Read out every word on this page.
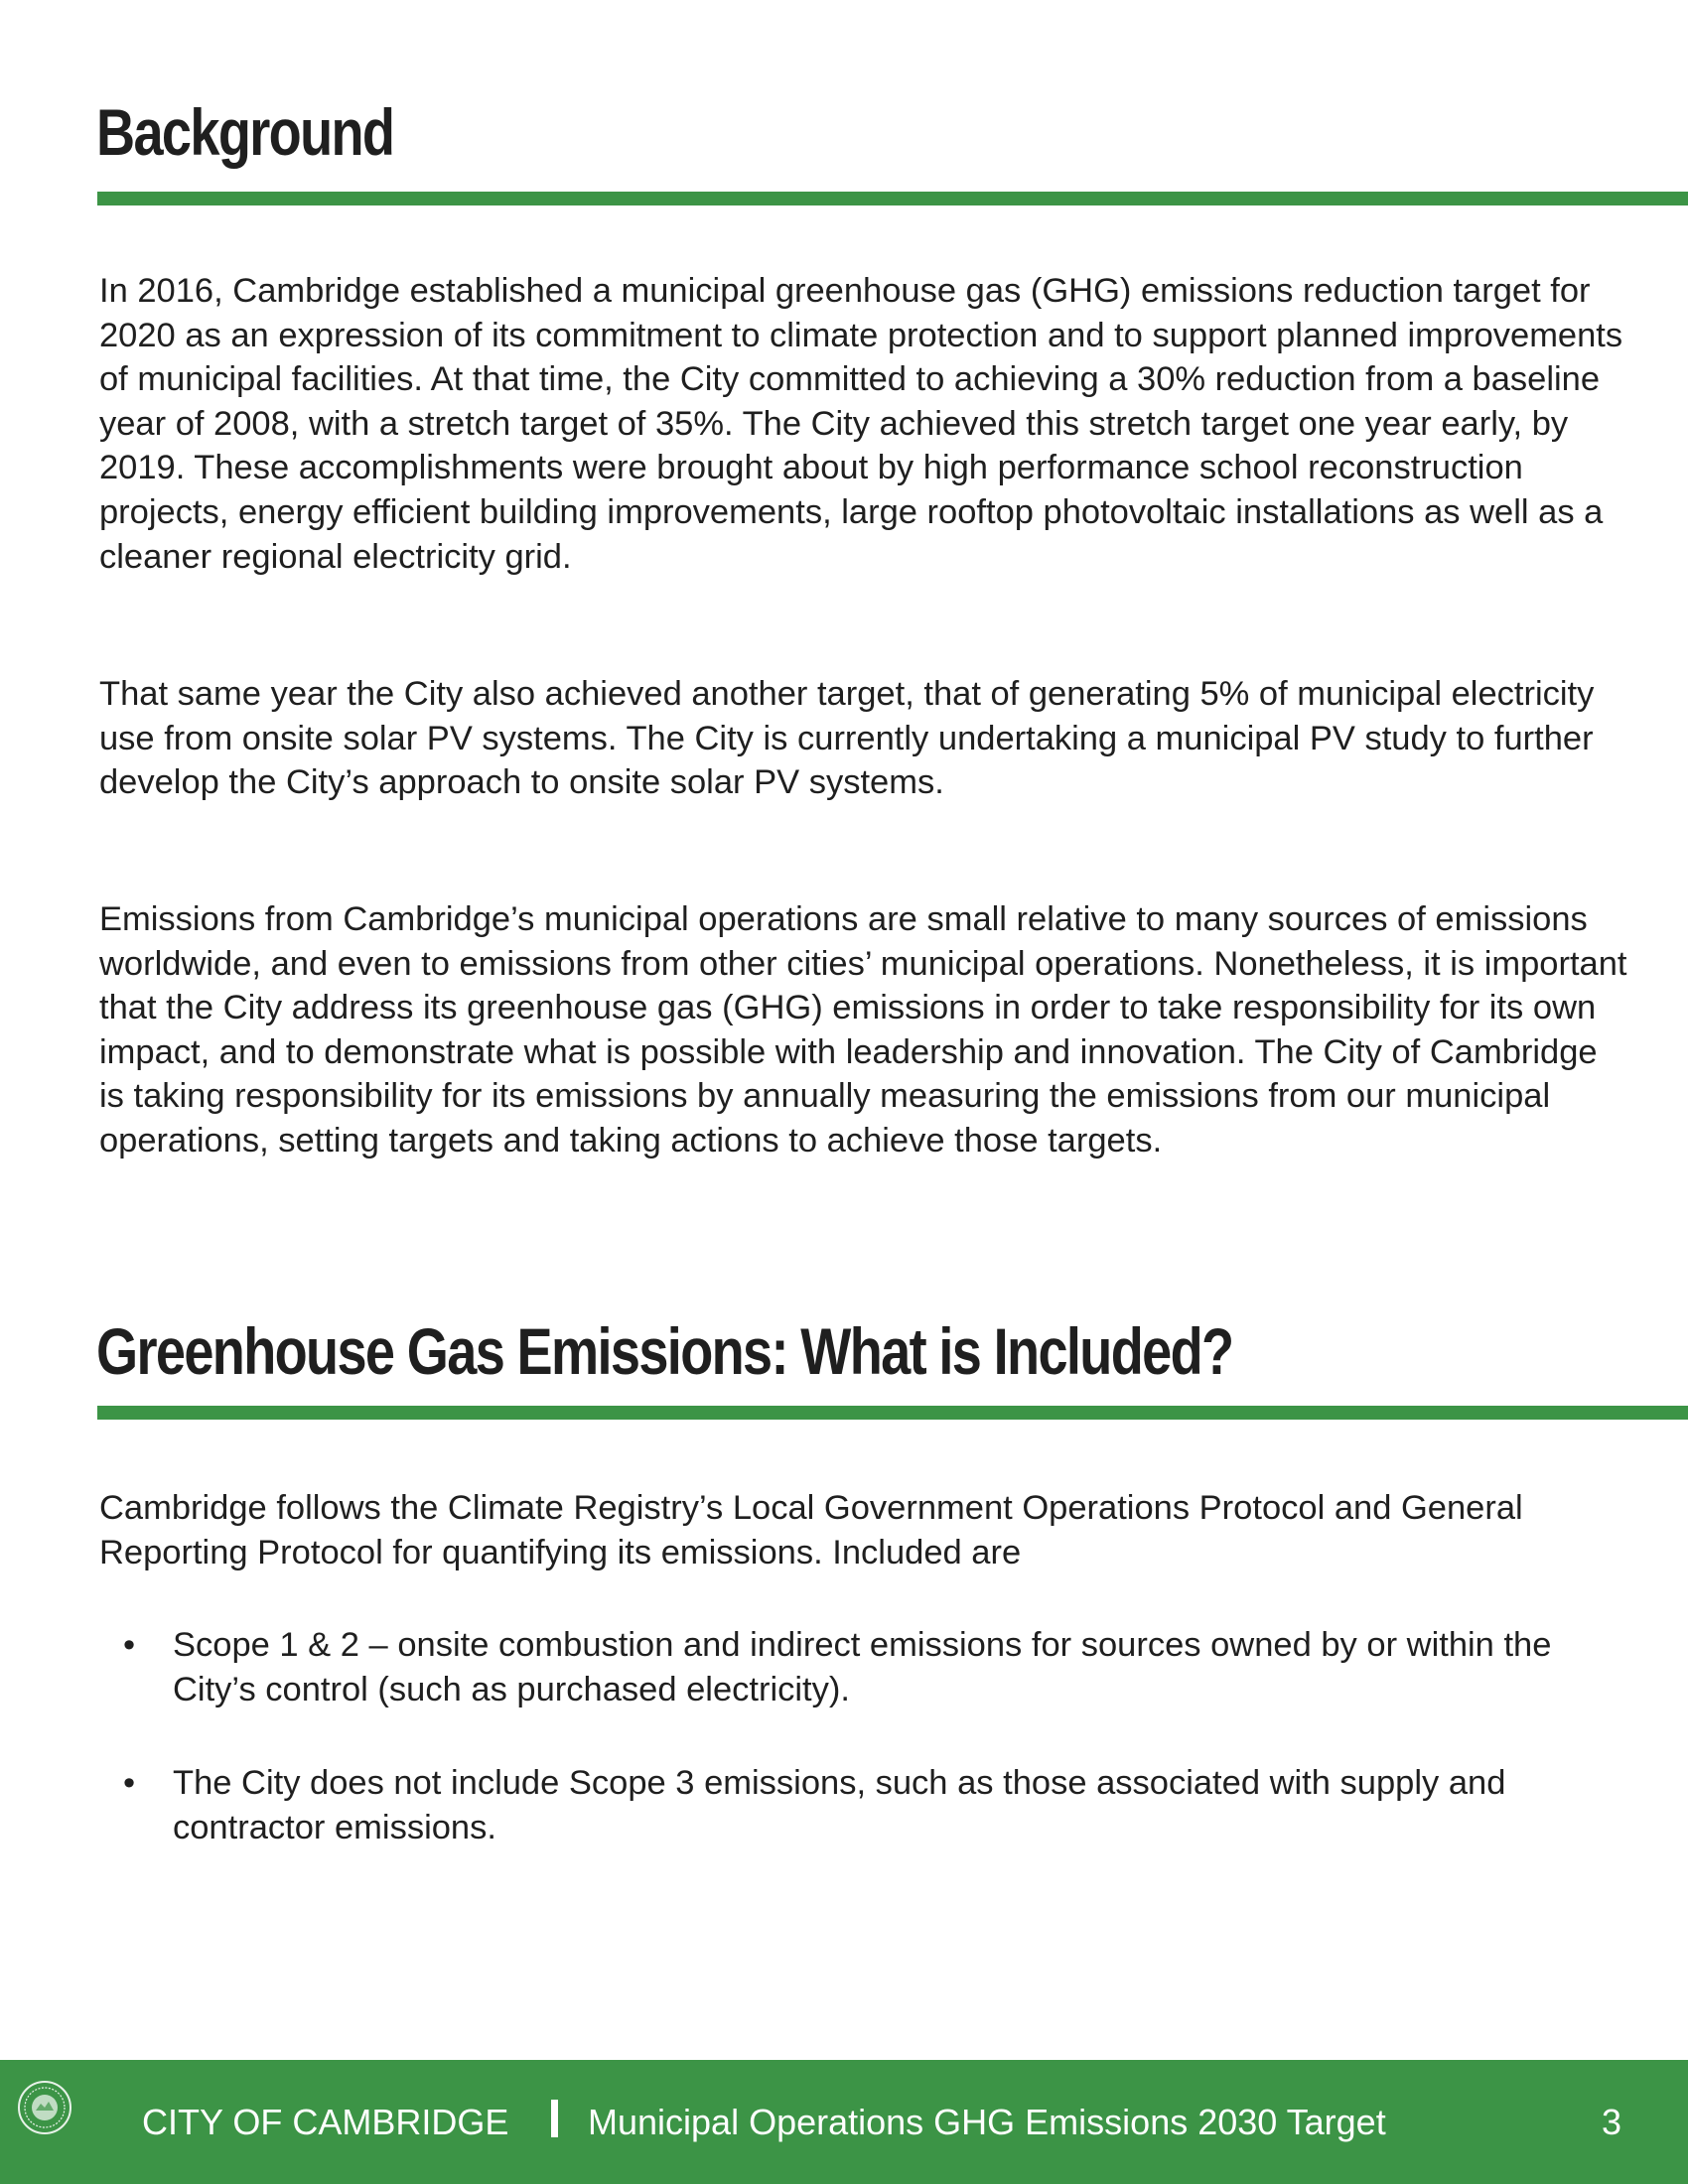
Background

In 2016, Cambridge established a municipal greenhouse gas (GHG) emissions reduction target for 2020 as an expression of its commitment to climate protection and to support planned improvements of municipal facilities. At that time, the City committed to achieving a 30% reduction from a baseline year of 2008, with a stretch target of 35%. The City achieved this stretch target one year early, by 2019. These accomplishments were brought about by high performance school reconstruction projects, energy efficient building improvements, large rooftop photovoltaic installations as well as a cleaner regional electricity grid.

That same year the City also achieved another target, that of generating 5% of municipal electricity use from onsite solar PV systems. The City is currently undertaking a municipal PV study to further develop the City’s approach to onsite solar PV systems.

Emissions from Cambridge’s municipal operations are small relative to many sources of emissions worldwide, and even to emissions from other cities’ municipal operations. Nonetheless, it is important that the City address its greenhouse gas (GHG) emissions in order to take responsibility for its own impact, and to demonstrate what is possible with leadership and innovation. The City of Cambridge is taking responsibility for its emissions by annually measuring the emissions from our municipal operations, setting targets and taking actions to achieve those targets.

Greenhouse Gas Emissions: What is Included?

Cambridge follows the Climate Registry’s Local Government Operations Protocol and General Reporting Protocol for quantifying its emissions. Included are

• Scope 1 & 2 – onsite combustion and indirect emissions for sources owned by or within the City’s control (such as purchased electricity).
• The City does not include Scope 3 emissions, such as those associated with supply and contractor emissions.
CITY OF CAMBRIDGE Municipal Operations GHG Emissions 2030 Target	3
